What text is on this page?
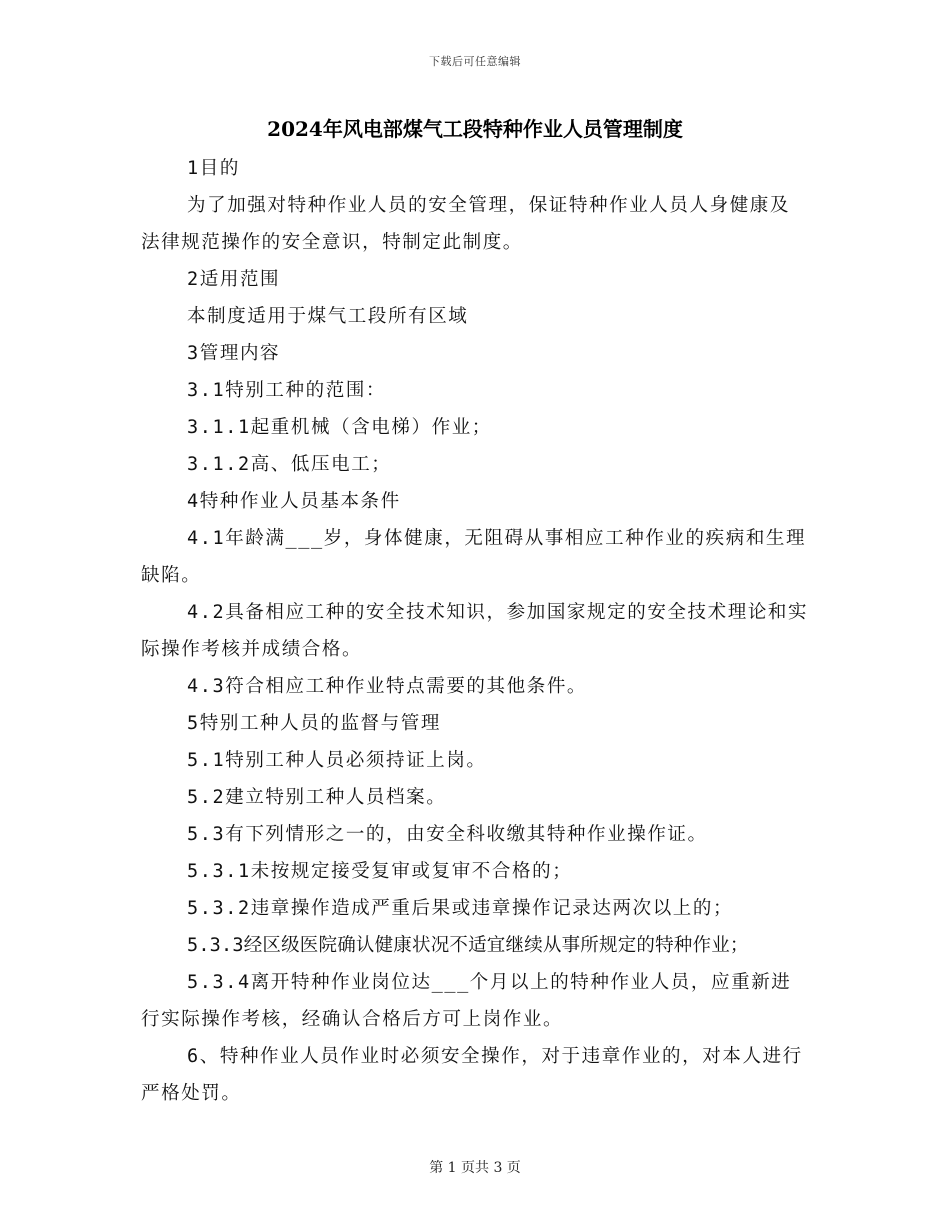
下载后可任意编辑
2024年风电部煤气工段特种作业人员管理制度

1目的

为了加强对特种作业人员的安全管理，保证特种作业人员人身健康及法律规范操作的安全意识，特制定此制度。

2适用范围

本制度适用于煤气工段所有区域

3管理内容

3.1特别工种的范围：

3.1.1起重机械（含电梯）作业；

3.1.2高、低压电工；

4特种作业人员基本条件

4.1年龄满___岁，身体健康，无阻碍从事相应工种作业的疾病和生理缺陷。

4.2具备相应工种的安全技术知识，参加国家规定的安全技术理论和实际操作考核并成绩合格。

4.3符合相应工种作业特点需要的其他条件。

5特别工种人员的监督与管理

5.1特别工种人员必须持证上岗。

5.2建立特别工种人员档案。

5.3有下列情形之一的，由安全科收缴其特种作业操作证。

5.3.1未按规定接受复审或复审不合格的；

5.3.2违章操作造成严重后果或违章操作记录达两次以上的；

5.3.3经区级医院确认健康状况不适宜继续从事所规定的特种作业；

5.3.4离开特种作业岗位达___个月以上的特种作业人员，应重新进行实际操作考核，经确认合格后方可上岗作业。

6、特种作业人员作业时必须安全操作，对于违章作业的，对本人进行严格处罚。

第 1 页共 3 页
